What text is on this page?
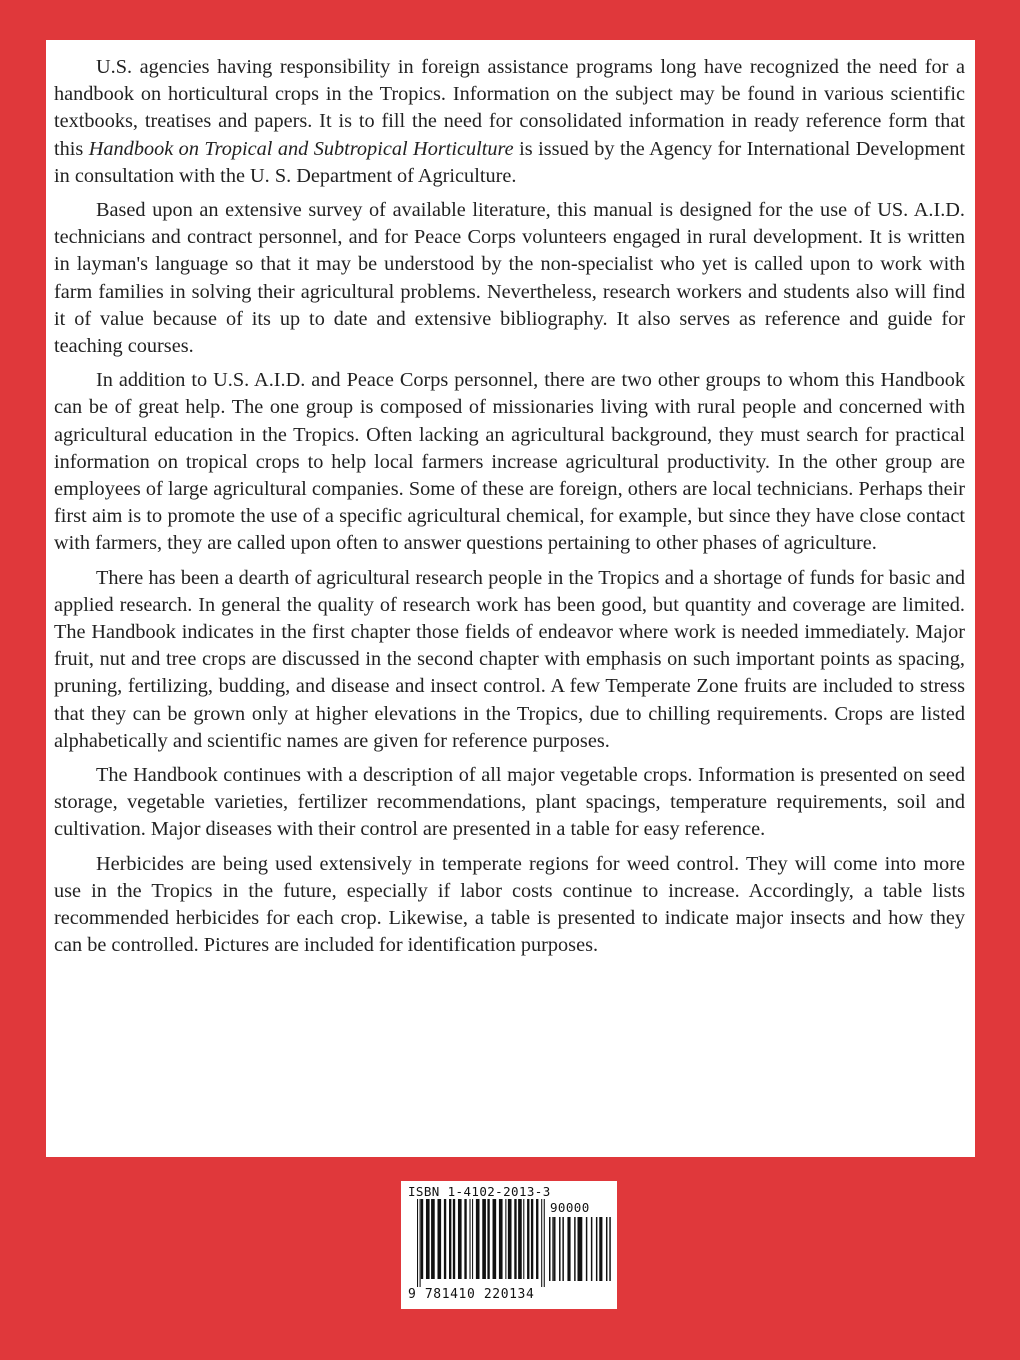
U.S. agencies having responsibility in foreign assistance programs long have recognized the need for a handbook on horticultural crops in the Tropics. Information on the subject may be found in various scientific textbooks, treatises and papers. It is to fill the need for consolidated information in ready reference form that this Handbook on Tropical and Subtropical Horticulture is issued by the Agency for International Development in consultation with the U. S. Department of Agriculture.

Based upon an extensive survey of available literature, this manual is designed for the use of US. A.I.D. technicians and contract personnel, and for Peace Corps volunteers engaged in rural development. It is written in layman's language so that it may be understood by the non-specialist who yet is called upon to work with farm families in solving their agricultural problems. Nevertheless, research workers and students also will find it of value because of its up to date and extensive bibliography. It also serves as reference and guide for teaching courses.

In addition to U.S. A.I.D. and Peace Corps personnel, there are two other groups to whom this Handbook can be of great help. The one group is composed of missionaries living with rural people and concerned with agricultural education in the Tropics. Often lacking an agricultural background, they must search for practical information on tropical crops to help local farmers increase agricultural productivity. In the other group are employees of large agricultural companies. Some of these are foreign, others are local technicians. Perhaps their first aim is to promote the use of a specific agricultural chemical, for example, but since they have close contact with farmers, they are called upon often to answer questions pertaining to other phases of agriculture.

There has been a dearth of agricultural research people in the Tropics and a shortage of funds for basic and applied research. In general the quality of research work has been good, but quantity and coverage are limited. The Handbook indicates in the first chapter those fields of endeavor where work is needed immediately. Major fruit, nut and tree crops are discussed in the second chapter with emphasis on such important points as spacing, pruning, fertilizing, budding, and disease and insect control. A few Temperate Zone fruits are included to stress that they can be grown only at higher elevations in the Tropics, due to chilling requirements. Crops are listed alphabetically and scientific names are given for reference purposes.

The Handbook continues with a description of all major vegetable crops. Information is presented on seed storage, vegetable varieties, fertilizer recommendations, plant spacings, temperature requirements, soil and cultivation. Major diseases with their control are presented in a table for easy reference.

Herbicides are being used extensively in temperate regions for weed control. They will come into more use in the Tropics in the future, especially if labor costs continue to increase. Accordingly, a table lists recommended herbicides for each crop. Likewise, a table is presented to indicate major insects and how they can be controlled. Pictures are included for identification purposes.

ISBN 1-4102-2013-3
90000
9 781410 220134
